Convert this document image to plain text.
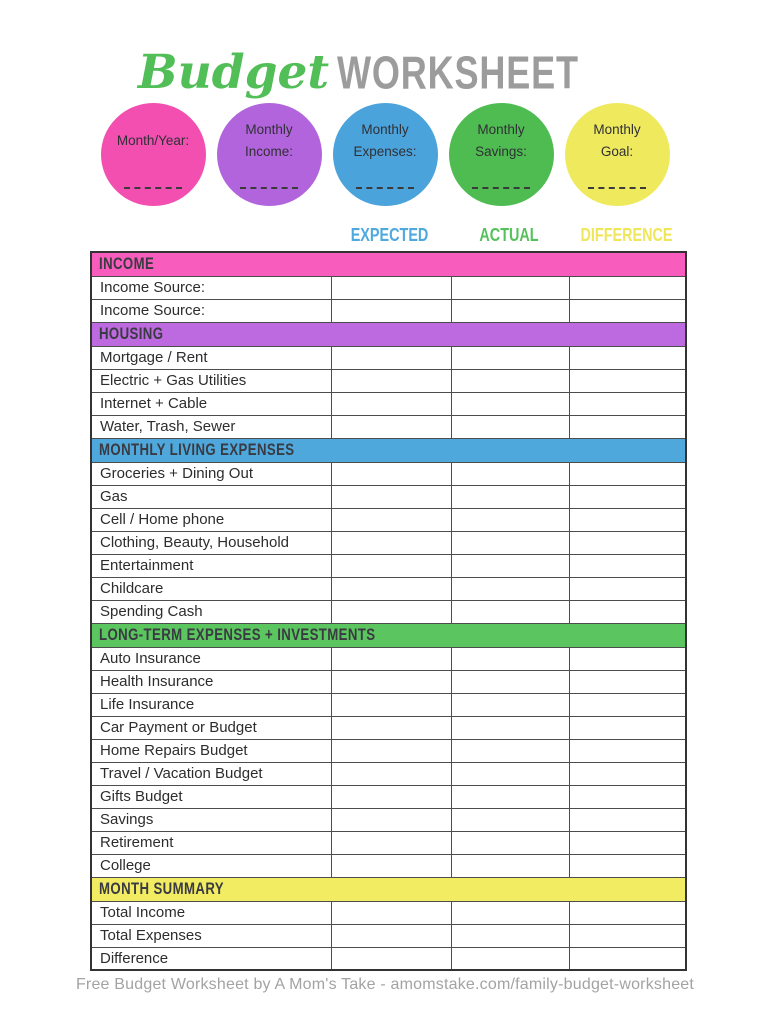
Budget WORKSHEET
Month/Year:
Monthly
Income:
Monthly
Expenses:
Monthly
Savings:
Monthly
Goal:
EXPECTED	ACTUAL	DIFFERENCE
INCOME			
Income Source:			
Income Source:			
HOUSING			
Mortgage / Rent			
Electric + Gas Utilities			
Internet + Cable			
Water, Trash, Sewer			
MONTHLY LIVING EXPENSES			
Groceries + Dining Out			
Gas			
Cell / Home phone			
Clothing, Beauty, Household			
Entertainment			
Childcare			
Spending Cash			
LONG-TERM EXPENSES + INVESTMENTS			
Auto Insurance			
Health Insurance			
Life Insurance			
Car Payment or Budget			
Home Repairs Budget			
Travel / Vacation Budget			
Gifts Budget			
Savings			
Retirement			
College			
MONTH SUMMARY			
Total Income			
Total Expenses			
Difference			
Free Budget Worksheet by A Mom's Take - amomstake.com/family-budget-worksheet
